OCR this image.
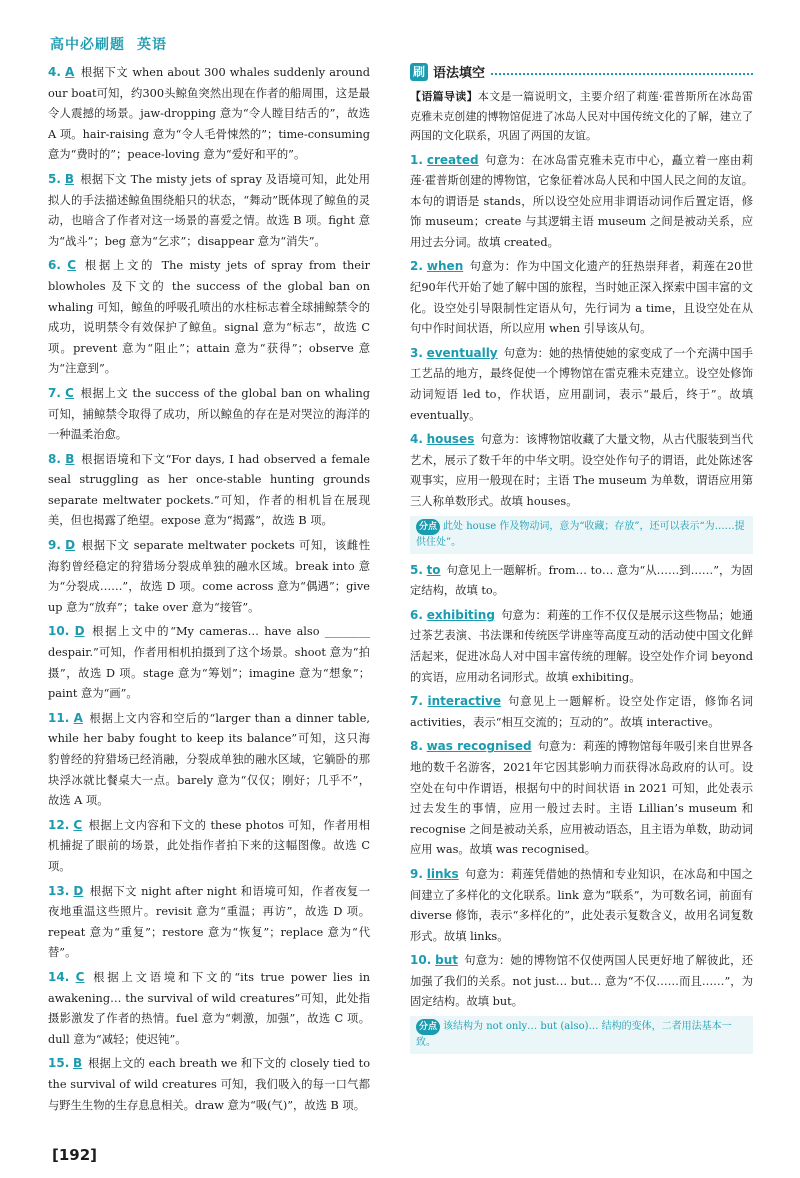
高中必刷题 英语
4. A 根据下文 when about 300 whales suddenly around our boat可知，约300头鲸鱼突然出现在作者的船周围，这是最令人震撼的场景。jaw-dropping 意为“令人瞠目结舌的”，故选 A 项。hair-raising 意为“令人毛骨悚然的”；time-consuming 意为“费时的”；peace-loving 意为“爱好和平的”。
5. B 根据下文 The misty jets of spray 及语境可知，此处用拟人的手法描述鲸鱼围绕船只的状态，“舞动”既体现了鲸鱼的灵动，也暗含了作者对这一场景的喜爱之情。故选 B 项。fight 意为“战斗”；beg 意为“乞求”；disappear 意为“消失”。
6. C 根据上文的 The misty jets of spray from their blowholes 及下文的 the success of the global ban on whaling 可知，鲸鱼的呼吸孔喷出的水柱标志着全球捕鲸禁令的成功，说明禁令有效保护了鲸鱼。signal 意为“标志”，故选 C 项。prevent 意为“阻止”；attain 意为“获得”；observe 意为“注意到”。
7. C 根据上文 the success of the global ban on whaling 可知，捕鲸禁令取得了成功，所以鲸鱼的存在是对哭泣的海洋的一种温柔治愈。
8. B 根据语境和下文“For days, I had observed a female seal struggling as her once-stable hunting grounds separate meltwater pockets.”可知，作者的相机旨在展现美，但也揭露了绝望。expose 意为“揭露”，故选 B 项。
9. D 根据下文 separate meltwater pockets 可知，该雌性海豹曾经稳定的狩猎场分裂成单独的融水区域。break into 意为“分裂成……”，故选 D 项。come across 意为“偶遇”；give up 意为“放弃”；take over 意为“接管”。
10. D 根据上文中的“My cameras… have also ________ despair.”可知，作者用相机拍摄到了这个场景。shoot 意为“拍摄”，故选 D 项。stage 意为“筹划”；imagine 意为“想象”；paint 意为“画”。
11. A 根据上文内容和空后的“larger than a dinner table, while her baby fought to keep its balance”可知，这只海豹曾经的狩猎场已经消融，分裂成单独的融水区域，它躺卧的那块浮冰就比餐桌大一点。barely 意为“仅仅；刚好；几乎不”，故选 A 项。
12. C 根据上文内容和下文的 these photos 可知，作者用相机捕捉了眼前的场景，此处指作者拍下来的这幅图像。故选 C 项。
13. D 根据下文 night after night 和语境可知，作者夜复一夜地重温这些照片。revisit 意为“重温；再访”，故选 D 项。repeat 意为“重复”；restore 意为“恢复”；replace 意为“代替”。
14. C 根据上文语境和下文的“its true power lies in awakening… the survival of wild creatures”可知，此处指摄影激发了作者的热情。fuel 意为“刺激，加强”，故选 C 项。dull 意为“减轻；使迟钝”。
15. B 根据上文的 each breath we 和下文的 closely tied to the survival of wild creatures 可知，我们吸入的每一口气都与野生生物的生存息息相关。draw 意为“吸(气)”，故选 B 项。
刷 语法填空
【语篇导读】本文是一篇说明文，主要介绍了莉莲·霍普斯所在冰岛雷克雅未克创建的博物馆促进了冰岛人民对中国传统文化的了解，建立了两国的文化联系，巩固了两国的友谊。
1. created 句意为：在冰岛雷克雅未克市中心，矗立着一座由莉莲·霍普斯创建的博物馆，它象征着冰岛人民和中国人民之间的友谊。本句的谓语是 stands，所以设空处应用非谓语动词作后置定语，修饰 museum；create 与其逻辑主语 museum 之间是被动关系，应用过去分词。故填 created。
2. when 句意为：作为中国文化遗产的狂热崇拜者，莉莲在20世纪90年代开始了她了解中国的旅程，当时她正深入探索中国丰富的文化。设空处引导限制性定语从句，先行词为 a time，且设空处在从句中作时间状语，所以应用 when 引导该从句。
3. eventually 句意为：她的热情使她的家变成了一个充满中国手工艺品的地方，最终促使一个博物馆在雷克雅未克建立。设空处修饰动词短语 led to，作状语，应用副词，表示“最后，终于”。故填 eventually。
4. houses 句意为：该博物馆收藏了大量文物，从古代服装到当代艺术，展示了数千年的中华文明。设空处作句子的谓语，此处陈述客观事实，应用一般现在时；主语 The museum 为单数，谓语应用第三人称单数形式。故填 houses。
分点 此处 house 作及物动词，意为“收藏；存放”，还可以表示“为……提供住处”。
5. to 句意见上一题解析。from… to… 意为“从……到……”，为固定结构，故填 to。
6. exhibiting 句意为：莉莲的工作不仅仅是展示这些物品；她通过茶艺表演、书法课和传统医学讲座等高度互动的活动使中国文化鲜活起来，促进冰岛人对中国丰富传统的理解。设空处作介词 beyond 的宾语，应用动名词形式。故填 exhibiting。
7. interactive 句意见上一题解析。设空处作定语，修饰名词 activities，表示“相互交流的；互动的”。故填 interactive。
8. was recognised 句意为：莉莲的博物馆每年吸引来自世界各地的数千名游客，2021年它因其影响力而获得冰岛政府的认可。设空处在句中作谓语，根据句中的时间状语 in 2021 可知，此处表示过去发生的事情，应用一般过去时。主语 Lillian’s museum 和 recognise 之间是被动关系，应用被动语态，且主语为单数，助动词应用 was。故填 was recognised。
9. links 句意为：莉莲凭借她的热情和专业知识，在冰岛和中国之间建立了多样化的文化联系。link 意为“联系”，为可数名词，前面有 diverse 修饰，表示“多样化的”，此处表示复数含义，故用名词复数形式。故填 links。
10. but 句意为：她的博物馆不仅使两国人民更好地了解彼此，还加强了我们的关系。not just… but… 意为“不仅……而且……”，为固定结构。故填 but。
分点 该结构为 not only… but (also)… 结构的变体，二者用法基本一致。
[192]
